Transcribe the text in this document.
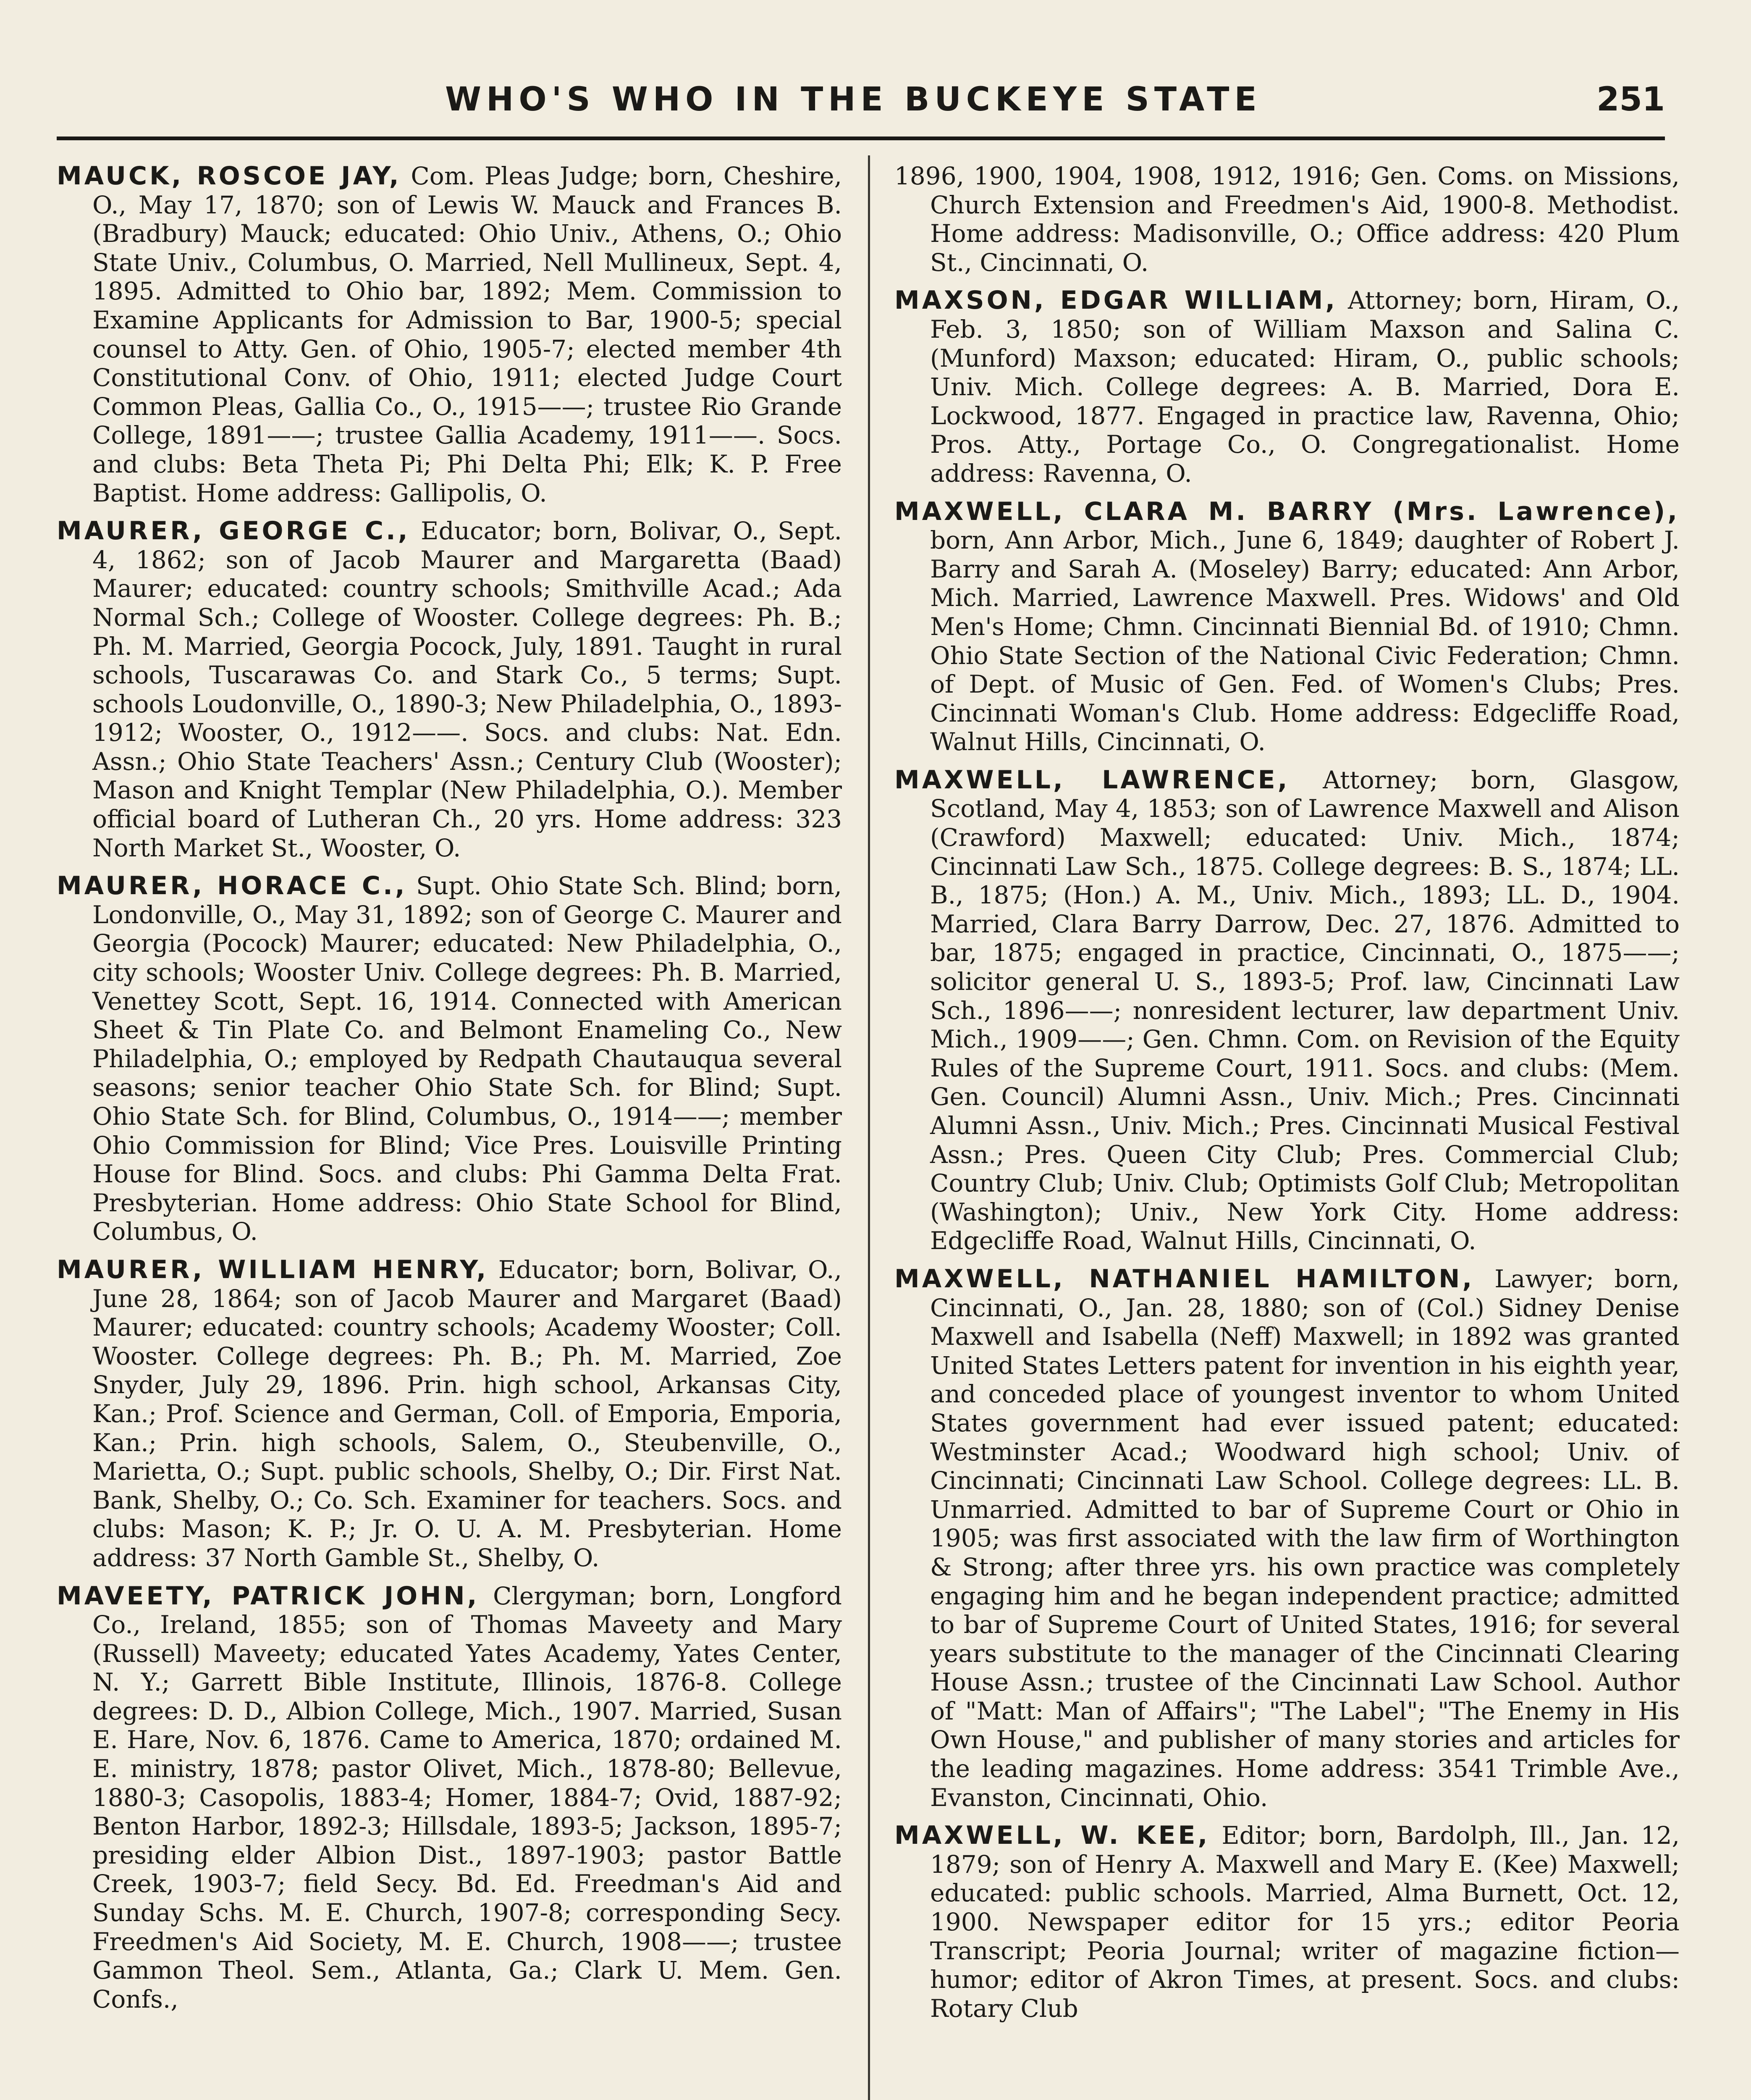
WHO'S WHO IN THE BUCKEYE STATE	251

MAUCK, ROSCOE JAY, Com. Pleas Judge; born, Cheshire, O., May 17, 1870; son of Lewis W. Mauck and Frances B. (Bradbury) Mauck; educated: Ohio Univ., Athens, O.; Ohio State Univ., Columbus, O. Married, Nell Mullineux, Sept. 4, 1895. Admitted to Ohio bar, 1892; Mem. Commission to Examine Applicants for Admission to Bar, 1900-5; special counsel to Atty. Gen. of Ohio, 1905-7; elected member 4th Constitutional Conv. of Ohio, 1911; elected Judge Court Common Pleas, Gallia Co., O., 1915——; trustee Rio Grande College, 1891——; trustee Gallia Academy, 1911——. Socs. and clubs: Beta Theta Pi; Phi Delta Phi; Elk; K. P. Free Baptist. Home address: Gallipolis, O.

MAURER, GEORGE C., Educator; born, Bolivar, O., Sept. 4, 1862; son of Jacob Maurer and Margaretta (Baad) Maurer; educated: country schools; Smithville Acad.; Ada Normal Sch.; College of Wooster. College degrees: Ph. B.; Ph. M. Married, Georgia Pocock, July, 1891. Taught in rural schools, Tuscarawas Co. and Stark Co., 5 terms; Supt. schools Loudonville, O., 1890-3; New Philadelphia, O., 1893-1912; Wooster, O., 1912——. Socs. and clubs: Nat. Edn. Assn.; Ohio State Teachers' Assn.; Century Club (Wooster); Mason and Knight Templar (New Philadelphia, O.). Member official board of Lutheran Ch., 20 yrs. Home address: 323 North Market St., Wooster, O.

MAURER, HORACE C., Supt. Ohio State Sch. Blind; born, Londonville, O., May 31, 1892; son of George C. Maurer and Georgia (Pocock) Maurer; educated: New Philadelphia, O., city schools; Wooster Univ. College degrees: Ph. B. Married, Venettey Scott, Sept. 16, 1914. Connected with American Sheet & Tin Plate Co. and Belmont Enameling Co., New Philadelphia, O.; employed by Redpath Chautauqua several seasons; senior teacher Ohio State Sch. for Blind; Supt. Ohio State Sch. for Blind, Columbus, O., 1914——; member Ohio Commission for Blind; Vice Pres. Louisville Printing House for Blind. Socs. and clubs: Phi Gamma Delta Frat. Presbyterian. Home address: Ohio State School for Blind, Columbus, O.

MAURER, WILLIAM HENRY, Educator; born, Bolivar, O., June 28, 1864; son of Jacob Maurer and Margaret (Baad) Maurer; educated: country schools; Academy Wooster; Coll. Wooster. College degrees: Ph. B.; Ph. M. Married, Zoe Snyder, July 29, 1896. Prin. high school, Arkansas City, Kan.; Prof. Science and German, Coll. of Emporia, Emporia, Kan.; Prin. high schools, Salem, O., Steubenville, O., Marietta, O.; Supt. public schools, Shelby, O.; Dir. First Nat. Bank, Shelby, O.; Co. Sch. Examiner for teachers. Socs. and clubs: Mason; K. P.; Jr. O. U. A. M. Presbyterian. Home address: 37 North Gamble St., Shelby, O.

MAVEETY, PATRICK JOHN, Clergyman; born, Longford Co., Ireland, 1855; son of Thomas Maveety and Mary (Russell) Maveety; educated Yates Academy, Yates Center, N. Y.; Garrett Bible Institute, Illinois, 1876-8. College degrees: D. D., Albion College, Mich., 1907. Married, Susan E. Hare, Nov. 6, 1876. Came to America, 1870; ordained M. E. ministry, 1878; pastor Olivet, Mich., 1878-80; Bellevue, 1880-3; Casopolis, 1883-4; Homer, 1884-7; Ovid, 1887-92; Benton Harbor, 1892-3; Hillsdale, 1893-5; Jackson, 1895-7; presiding elder Albion Dist., 1897-1903; pastor Battle Creek, 1903-7; field Secy. Bd. Ed. Freedman's Aid and Sunday Schs. M. E. Church, 1907-8; corresponding Secy. Freedmen's Aid Society, M. E. Church, 1908——; trustee Gammon Theol. Sem., Atlanta, Ga.; Clark U. Mem. Gen. Confs.,

1896, 1900, 1904, 1908, 1912, 1916; Gen. Coms. on Missions, Church Extension and Freedmen's Aid, 1900-8. Methodist. Home address: Madisonville, O.; Office address: 420 Plum St., Cincinnati, O.

MAXSON, EDGAR WILLIAM, Attorney; born, Hiram, O., Feb. 3, 1850; son of William Maxson and Salina C. (Munford) Maxson; educated: Hiram, O., public schools; Univ. Mich. College degrees: A. B. Married, Dora E. Lockwood, 1877. Engaged in practice law, Ravenna, Ohio; Pros. Atty., Portage Co., O. Congregationalist. Home address: Ravenna, O.

MAXWELL, CLARA M. BARRY (Mrs. Lawrence), born, Ann Arbor, Mich., June 6, 1849; daughter of Robert J. Barry and Sarah A. (Moseley) Barry; educated: Ann Arbor, Mich. Married, Lawrence Maxwell. Pres. Widows' and Old Men's Home; Chmn. Cincinnati Biennial Bd. of 1910; Chmn. Ohio State Section of the National Civic Federation; Chmn. of Dept. of Music of Gen. Fed. of Women's Clubs; Pres. Cincinnati Woman's Club. Home address: Edgecliffe Road, Walnut Hills, Cincinnati, O.

MAXWELL, LAWRENCE, Attorney; born, Glasgow, Scotland, May 4, 1853; son of Lawrence Maxwell and Alison (Crawford) Maxwell; educated: Univ. Mich., 1874; Cincinnati Law Sch., 1875. College degrees: B. S., 1874; LL. B., 1875; (Hon.) A. M., Univ. Mich., 1893; LL. D., 1904. Married, Clara Barry Darrow, Dec. 27, 1876. Admitted to bar, 1875; engaged in practice, Cincinnati, O., 1875——; solicitor general U. S., 1893-5; Prof. law, Cincinnati Law Sch., 1896——; nonresident lecturer, law department Univ. Mich., 1909——; Gen. Chmn. Com. on Revision of the Equity Rules of the Supreme Court, 1911. Socs. and clubs: (Mem. Gen. Council) Alumni Assn., Univ. Mich.; Pres. Cincinnati Alumni Assn., Univ. Mich.; Pres. Cincinnati Musical Festival Assn.; Pres. Queen City Club; Pres. Commercial Club; Country Club; Univ. Club; Optimists Golf Club; Metropolitan (Washington); Univ., New York City. Home address: Edgecliffe Road, Walnut Hills, Cincinnati, O.

MAXWELL, NATHANIEL HAMILTON, Lawyer; born, Cincinnati, O., Jan. 28, 1880; son of (Col.) Sidney Denise Maxwell and Isabella (Neff) Maxwell; in 1892 was granted United States Letters patent for invention in his eighth year, and conceded place of youngest inventor to whom United States government had ever issued patent; educated: Westminster Acad.; Woodward high school; Univ. of Cincinnati; Cincinnati Law School. College degrees: LL. B. Unmarried. Admitted to bar of Supreme Court or Ohio in 1905; was first associated with the law firm of Worthington & Strong; after three yrs. his own practice was completely engaging him and he began independent practice; admitted to bar of Supreme Court of United States, 1916; for several years substitute to the manager of the Cincinnati Clearing House Assn.; trustee of the Cincinnati Law School. Author of "Matt: Man of Affairs"; "The Label"; "The Enemy in His Own House," and publisher of many stories and articles for the leading magazines. Home address: 3541 Trimble Ave., Evanston, Cincinnati, Ohio.

MAXWELL, W. KEE, Editor; born, Bardolph, Ill., Jan. 12, 1879; son of Henry A. Maxwell and Mary E. (Kee) Maxwell; educated: public schools. Married, Alma Burnett, Oct. 12, 1900. Newspaper editor for 15 yrs.; editor Peoria Transcript; Peoria Journal; writer of magazine fiction—humor; editor of Akron Times, at present. Socs. and clubs: Rotary Club
